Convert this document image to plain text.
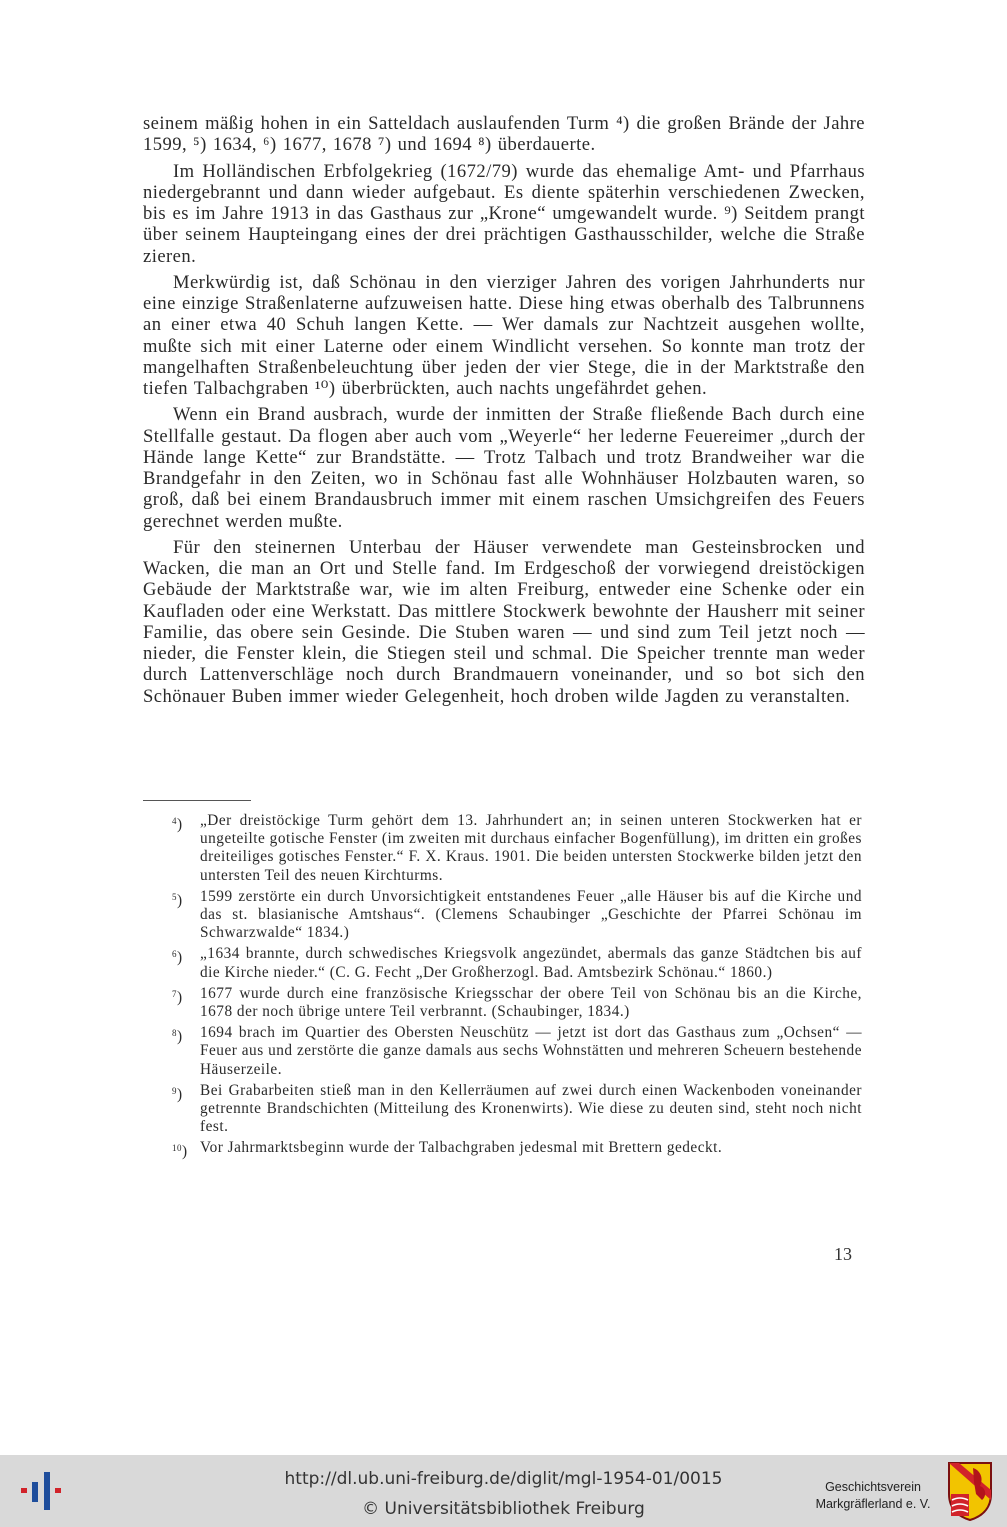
seinem mäßig hohen in ein Satteldach auslaufenden Turm ⁴) die großen Brände der Jahre 1599, ⁵) 1634, ⁶) 1677, 1678 ⁷) und 1694 ⁸) überdauerte.

Im Holländischen Erbfolgekrieg (1672/79) wurde das ehemalige Amt- und Pfarrhaus niedergebrannt und dann wieder aufgebaut. Es diente späterhin verschiedenen Zwecken, bis es im Jahre 1913 in das Gasthaus zur „Krone“ umgewandelt wurde. ⁹) Seitdem prangt über seinem Haupteingang eines der drei prächtigen Gasthausschilder, welche die Straße zieren.

Merkwürdig ist, daß Schönau in den vierziger Jahren des vorigen Jahrhunderts nur eine einzige Straßenlaterne aufzuweisen hatte. Diese hing etwas oberhalb des Talbrunnens an einer etwa 40 Schuh langen Kette. — Wer damals zur Nachtzeit ausgehen wollte, mußte sich mit einer Laterne oder einem Windlicht versehen. So konnte man trotz der mangelhaften Straßenbeleuchtung über jeden der vier Stege, die in der Marktstraße den tiefen Talbachgraben ¹⁰) überbrückten, auch nachts ungefährdet gehen.

Wenn ein Brand ausbrach, wurde der inmitten der Straße fließende Bach durch eine Stellfalle gestaut. Da flogen aber auch vom „Weyerle“ her lederne Feuereimer „durch der Hände lange Kette“ zur Brandstätte. — Trotz Talbach und trotz Brandweiher war die Brandgefahr in den Zeiten, wo in Schönau fast alle Wohnhäuser Holzbauten waren, so groß, daß bei einem Brandausbruch immer mit einem raschen Umsichgreifen des Feuers gerechnet werden mußte.

Für den steinernen Unterbau der Häuser verwendete man Gesteinsbrocken und Wacken, die man an Ort und Stelle fand. Im Erdgeschoß der vorwiegend dreistöckigen Gebäude der Marktstraße war, wie im alten Freiburg, entweder eine Schenke oder ein Kaufladen oder eine Werkstatt. Das mittlere Stockwerk bewohnte der Hausherr mit seiner Familie, das obere sein Gesinde. Die Stuben waren — und sind zum Teil jetzt noch — nieder, die Fenster klein, die Stiegen steil und schmal. Die Speicher trennte man weder durch Lattenverschläge noch durch Brandmauern voneinander, und so bot sich den Schönauer Buben immer wieder Gelegenheit, hoch droben wilde Jagden zu veranstalten.

$^4$) „Der dreistöckige Turm gehört dem 13. Jahrhundert an; in seinen unteren Stockwerken hat er ungeteilte gotische Fenster (im zweiten mit durchaus einfacher Bogenfüllung), im dritten ein großes dreiteiliges gotisches Fenster.“ F. X. Kraus. 1901. Die beiden untersten Stockwerke bilden jetzt den untersten Teil des neuen Kirchturms.
$^5$) 1599 zerstörte ein durch Unvorsichtigkeit entstandenes Feuer „alle Häuser bis auf die Kirche und das st. blasianische Amtshaus“. (Clemens Schaubinger „Geschichte der Pfarrei Schönau im Schwarzwalde“ 1834.)
$^6$) „1634 brannte, durch schwedisches Kriegsvolk angezündet, abermals das ganze Städtchen bis auf die Kirche nieder.“ (C. G. Fecht „Der Großherzogl. Bad. Amtsbezirk Schönau.“ 1860.)
$^7$) 1677 wurde durch eine französische Kriegsschar der obere Teil von Schönau bis an die Kirche, 1678 der noch übrige untere Teil verbrannt. (Schaubinger, 1834.)
$^8$) 1694 brach im Quartier des Obersten Neuschütz — jetzt ist dort das Gasthaus zum „Ochsen“ — Feuer aus und zerstörte die ganze damals aus sechs Wohnstätten und mehreren Scheuern bestehende Häuserzeile.
$^9$) Bei Grabarbeiten stieß man in den Kellerräumen auf zwei durch einen Wackenboden voneinander getrennte Brandschichten (Mitteilung des Kronenwirts). Wie diese zu deuten sind, steht noch nicht fest.
$^{10}$) Vor Jahrmarktsbeginn wurde der Talbachgraben jedesmal mit Brettern gedeckt.
13
http://dl.ub.uni-freiburg.de/diglit/mgl-1954-01/0015
© Universitätsbibliothek Freiburg
Geschichtsverein
Markgräflerland e. V.
